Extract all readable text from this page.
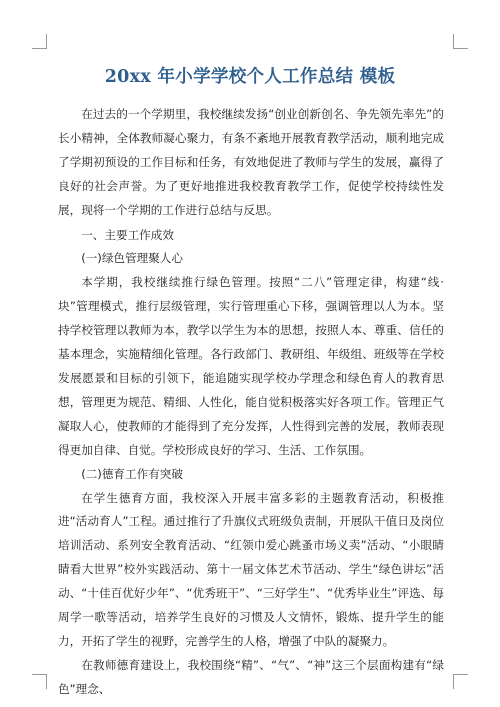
20xx 年小学学校个人工作总结 模板

在过去的一个学期里，我校继续发扬“创业创新创名、争先领先率先”的长小精神，全体教师凝心聚力，有条不紊地开展教育教学活动，顺利地完成了学期初预设的工作目标和任务，有效地促进了教师与学生的发展，赢得了良好的社会声誉。为了更好地推进我校教育教学工作，促使学校持续性发展，现将一个学期的工作进行总结与反思。

一、主要工作成效

(一)绿色管理聚人心

本学期，我校继续推行绿色管理。按照“二八”管理定律，构建“线·块”管理模式，推行层级管理，实行管理重心下移，强调管理以人为本。坚持学校管理以教师为本，教学以学生为本的思想，按照人本、尊重、信任的基本理念，实施精细化管理。各行政部门、教研组、年级组、班级等在学校发展愿景和目标的引领下，能追随实现学校办学理念和绿色育人的教育思想，管理更为规范、精细、人性化，能自觉积极落实好各项工作。管理正气凝取人心，使教师的才能得到了充分发挥，人性得到完善的发展，教师表现得更加自律、自觉。学校形成良好的学习、生活、工作氛围。

(二)德育工作有突破

在学生德育方面，我校深入开展丰富多彩的主题教育活动，积极推进“活动育人”工程。通过推行了升旗仪式班级负责制，开展队干值日及岗位培训活动、系列安全教育活动、“红领巾爱心跳蚤市场义卖”活动、“小眼睛睛看大世界”校外实践活动、第十一届文体艺术节活动、学生“绿色讲坛”活动、“十佳百优好少年”、“优秀班干”、“三好学生”、“优秀毕业生”评选、每周学一歌等活动，培养学生良好的习惯及人文情怀，锻炼、提升学生的能力，开拓了学生的视野，完善学生的人格，增强了中队的凝聚力。

在教师德育建设上，我校围绕“精”、“气”、“神”这三个层面构建有“绿色”理念、
